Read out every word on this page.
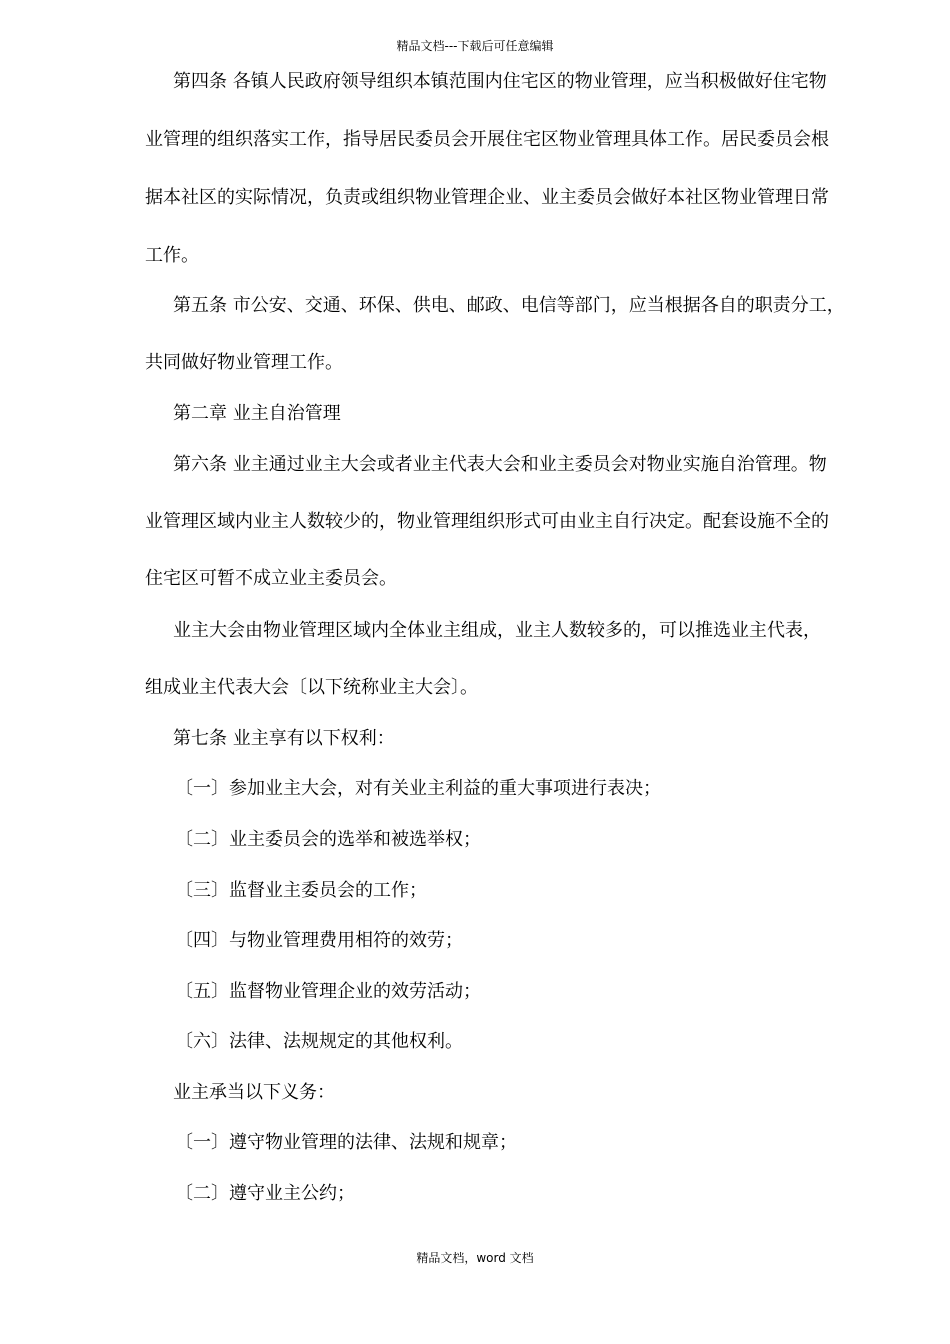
精品文档---下载后可任意编辑
第四条 各镇人民政府领导组织本镇范围内住宅区的物业管理，应当积极做好住宅物
业管理的组织落实工作，指导居民委员会开展住宅区物业管理具体工作。居民委员会根
据本社区的实际情况，负责或组织物业管理企业、业主委员会做好本社区物业管理日常
工作。
第五条 市公安、交通、环保、供电、邮政、电信等部门，应当根据各自的职责分工，
共同做好物业管理工作。
第二章 业主自治管理
第六条 业主通过业主大会或者业主代表大会和业主委员会对物业实施自治管理。物
业管理区域内业主人数较少的，物业管理组织形式可由业主自行决定。配套设施不全的
住宅区可暂不成立业主委员会。
业主大会由物业管理区域内全体业主组成，业主人数较多的，可以推选业主代表，
组成业主代表大会〔以下统称业主大会〕。
第七条 业主享有以下权利：
〔一〕参加业主大会，对有关业主利益的重大事项进行表决；
〔二〕业主委员会的选举和被选举权；
〔三〕监督业主委员会的工作；
〔四〕与物业管理费用相符的效劳；
〔五〕监督物业管理企业的效劳活动；
〔六〕法律、法规规定的其他权利。
业主承当以下义务：
〔一〕遵守物业管理的法律、法规和规章；
〔二〕遵守业主公约；
精品文档，word 文档
